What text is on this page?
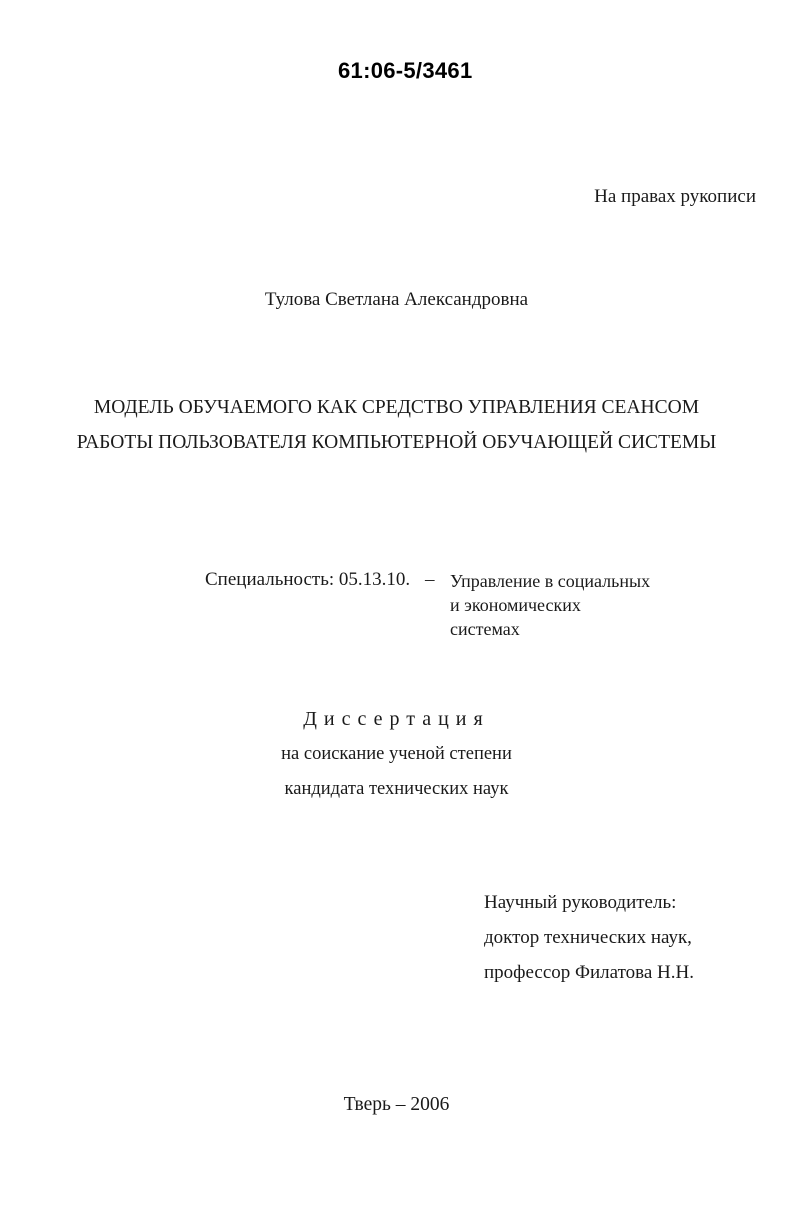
61:06-5/3461
На правах рукописи
Тулова Светлана Александровна
МОДЕЛЬ ОБУЧАЕМОГО КАК СРЕДСТВО УПРАВЛЕНИЯ СЕАНСОМ
РАБОТЫ ПОЛЬЗОВАТЕЛЯ КОМПЬЮТЕРНОЙ ОБУЧАЮЩЕЙ СИСТЕМЫ
Специальность: 05.13.10. – Управление в социальных
и экономических
системах
Диссертация
на соискание ученой степени
кандидата технических наук
Научный руководитель:
доктор технических наук,
профессор Филатова Н.Н.
Тверь – 2006
